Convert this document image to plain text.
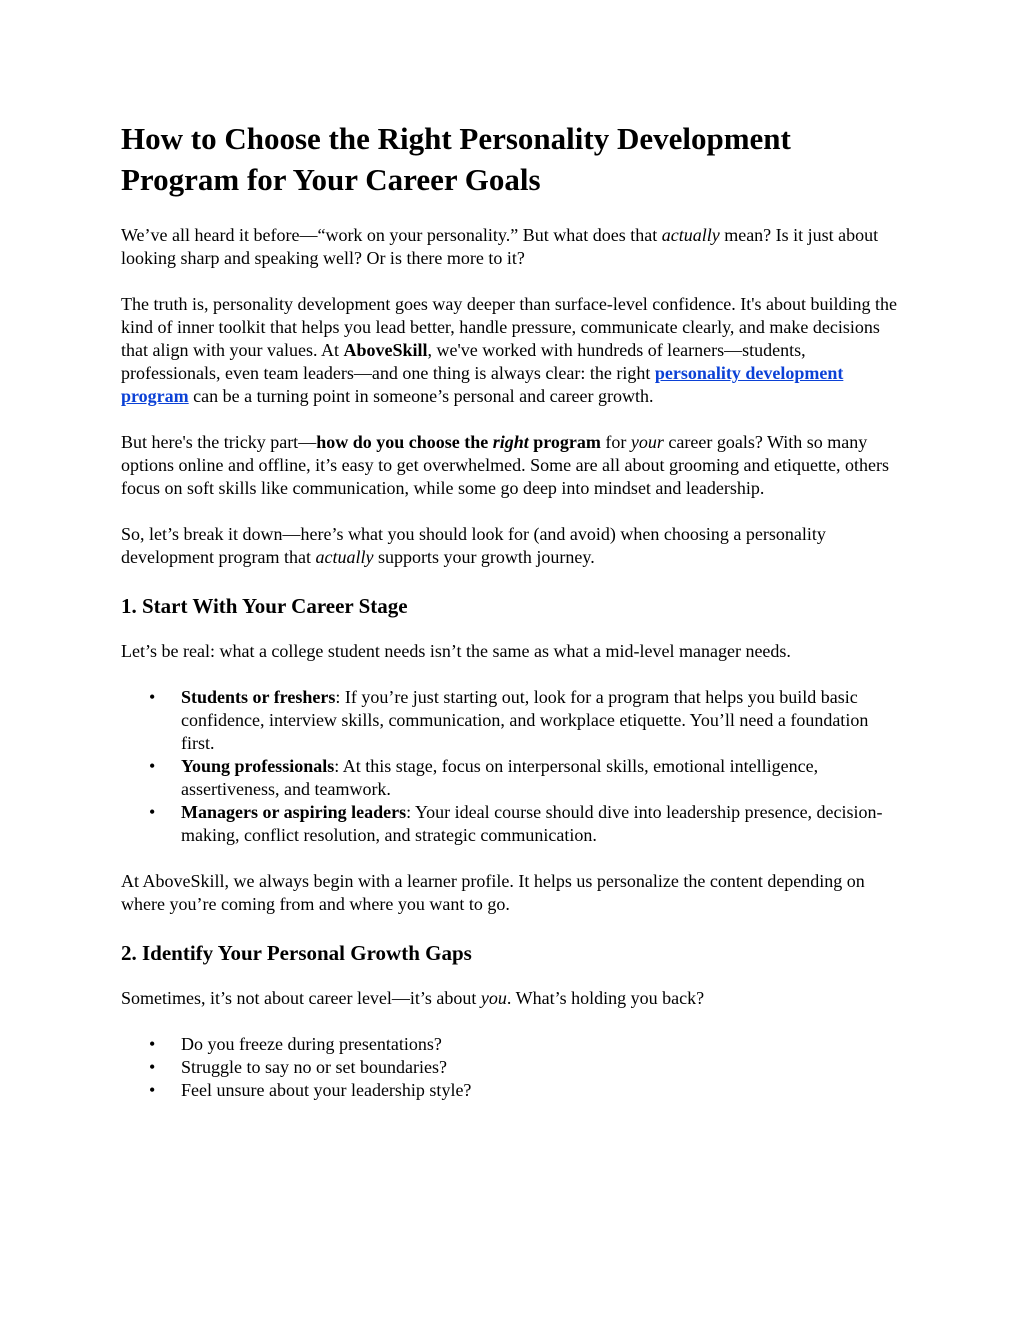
How to Choose the Right Personality Development Program for Your Career Goals

We’ve all heard it before—“work on your personality.” But what does that actually mean? Is it just about looking sharp and speaking well? Or is there more to it?

The truth is, personality development goes way deeper than surface-level confidence. It's about building the kind of inner toolkit that helps you lead better, handle pressure, communicate clearly, and make decisions that align with your values. At AboveSkill, we've worked with hundreds of learners—students, professionals, even team leaders—and one thing is always clear: the right personality development program can be a turning point in someone’s personal and career growth.

But here's the tricky part—how do you choose the right program for your career goals? With so many options online and offline, it’s easy to get overwhelmed. Some are all about grooming and etiquette, others focus on soft skills like communication, while some go deep into mindset and leadership.

So, let’s break it down—here’s what you should look for (and avoid) when choosing a personality development program that actually supports your growth journey.

1. Start With Your Career Stage

Let’s be real: what a college student needs isn’t the same as what a mid-level manager needs.

• Students or freshers: If you’re just starting out, look for a program that helps you build basic confidence, interview skills, communication, and workplace etiquette. You’ll need a foundation first.
• Young professionals: At this stage, focus on interpersonal skills, emotional intelligence, assertiveness, and teamwork.
• Managers or aspiring leaders: Your ideal course should dive into leadership presence, decision-making, conflict resolution, and strategic communication.

At AboveSkill, we always begin with a learner profile. It helps us personalize the content depending on where you’re coming from and where you want to go.

2. Identify Your Personal Growth Gaps

Sometimes, it’s not about career level—it’s about you. What’s holding you back?

• Do you freeze during presentations?
• Struggle to say no or set boundaries?
• Feel unsure about your leadership style?
